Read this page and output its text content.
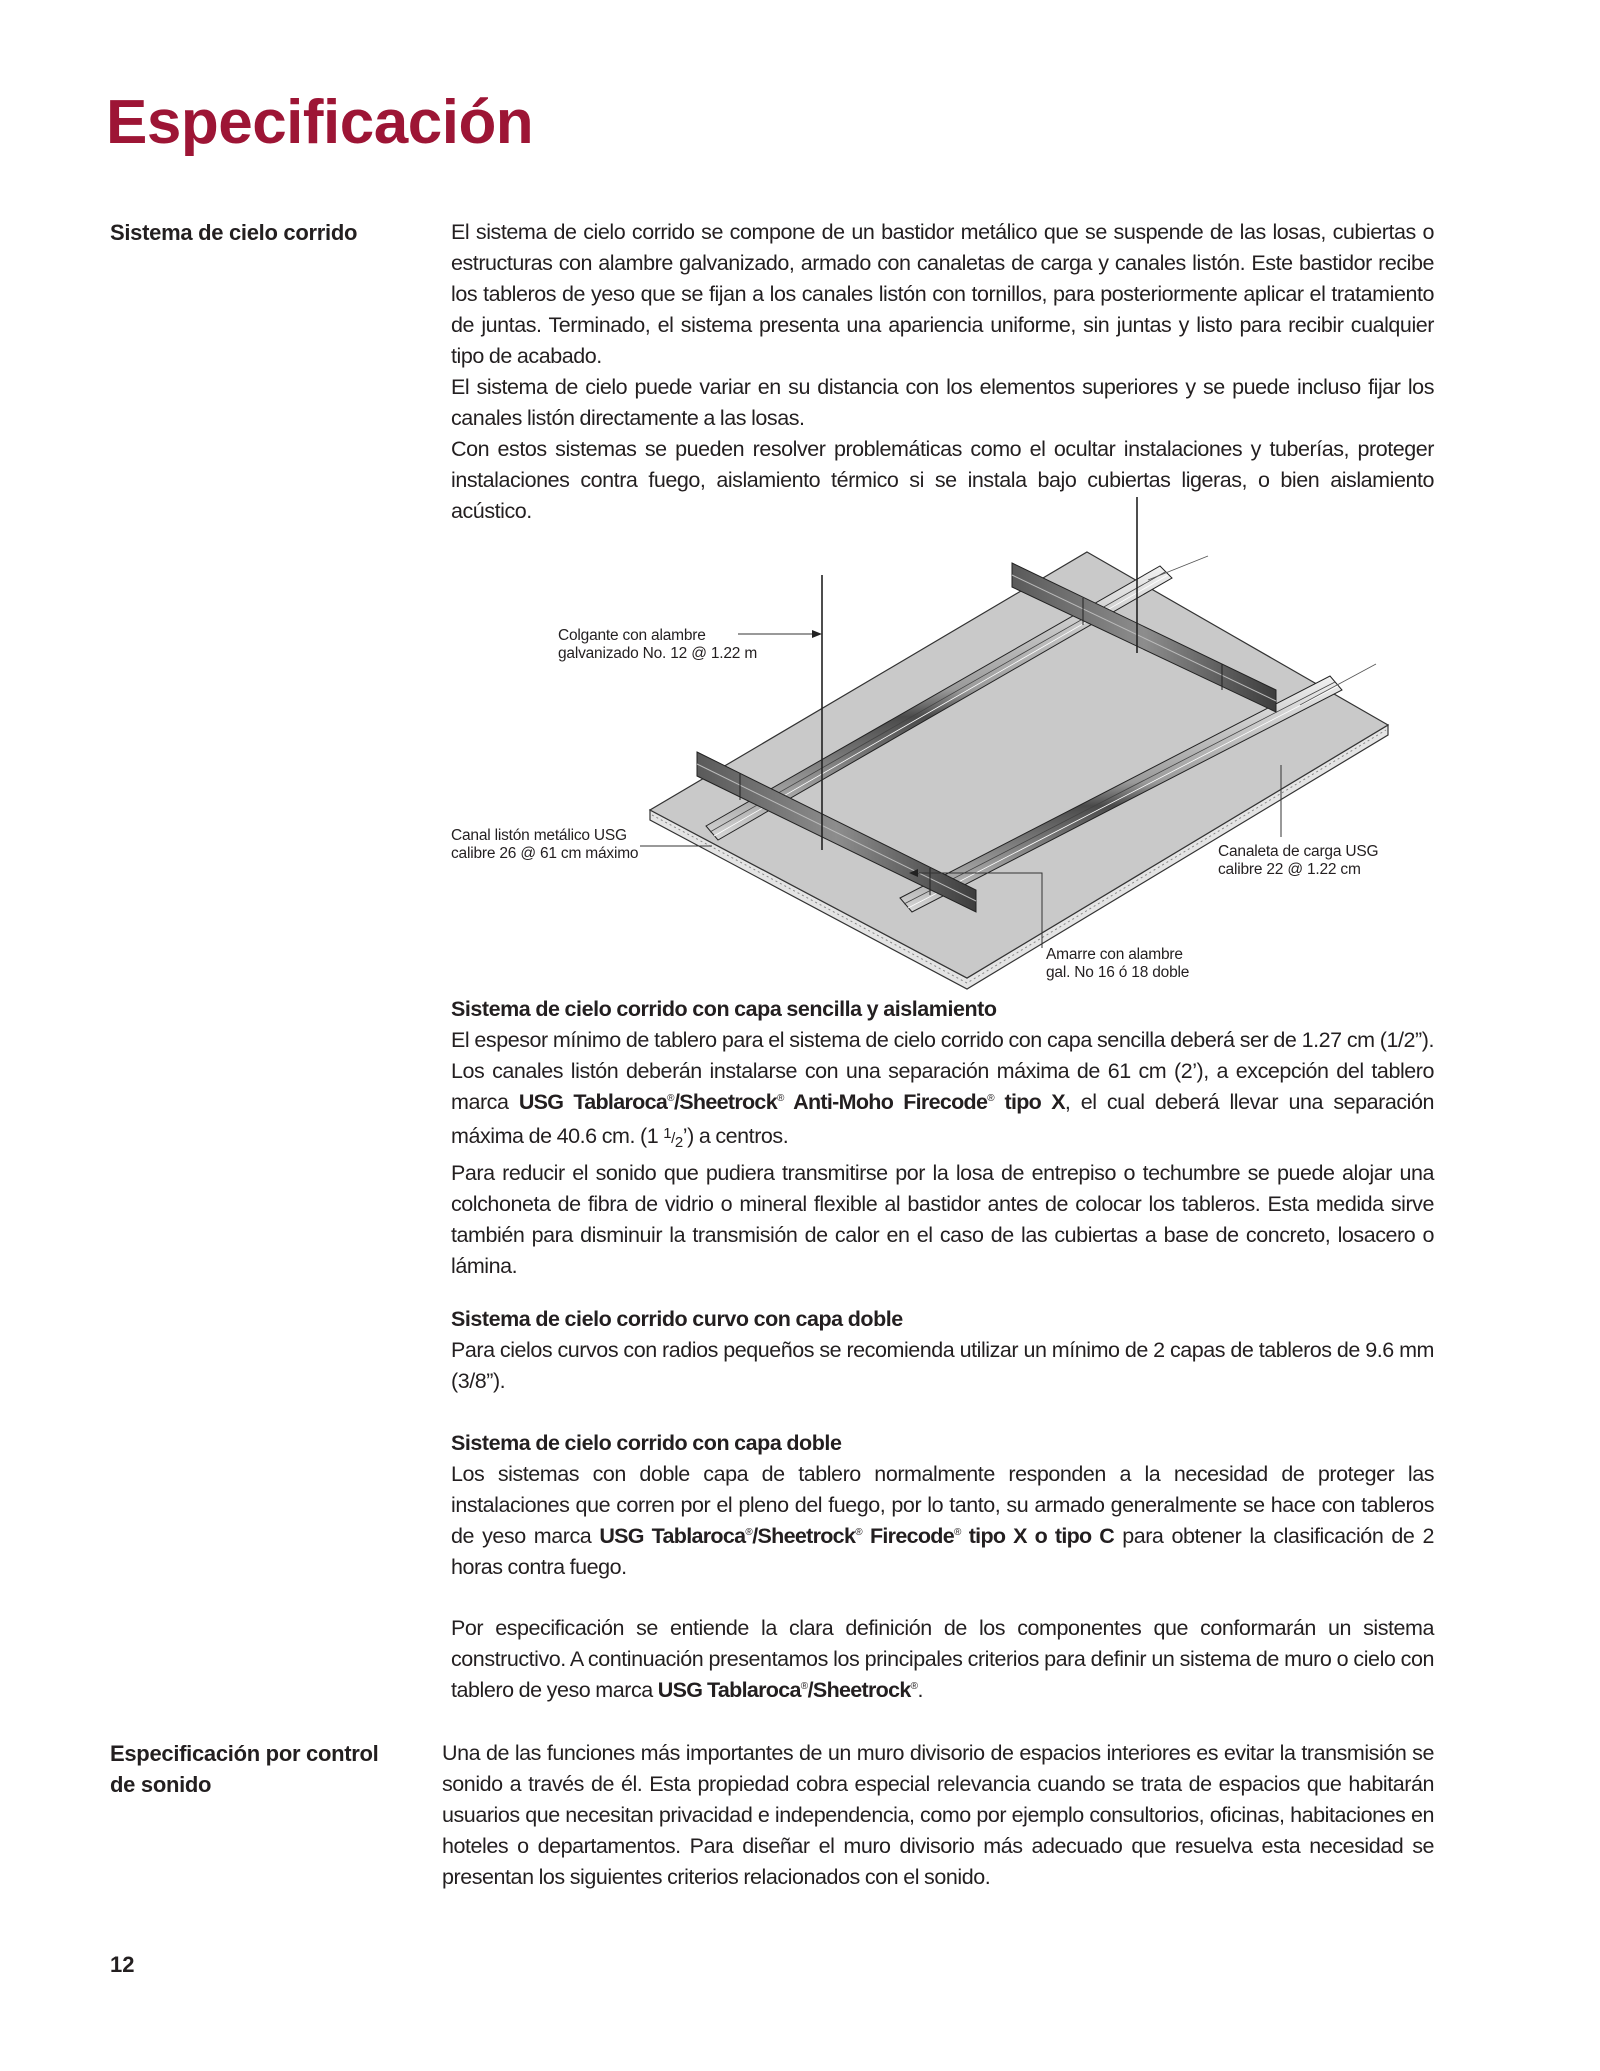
Especificación
Sistema de cielo corrido	El sistema de cielo corrido se compone de un bastidor metálico que se suspende de las losas, cubiertas o estructuras con alambre galvanizado, armado con canaletas de carga y canales listón. Este bastidor recibe los tableros de yeso que se fijan a los canales listón con tornillos, para posteriormente aplicar el tratamiento de juntas. Terminado, el sistema presenta una apariencia uniforme, sin juntas y listo para recibir cualquier tipo de acabado.

El sistema de cielo puede variar en su distancia con los elementos superiores y se puede incluso fijar los canales listón directamente a las losas.

Con estos sistemas se pueden resolver problemáticas como el ocultar instalaciones y tuberías, proteger instalaciones contra fuego, aislamiento térmico si se instala bajo cubiertas ligeras, o bien aislamiento acústico.

Colgante con alambre
galvanizado No. 12 @ 1.22 m
Canal listón metálico USG
calibre 26 @ 61 cm máximo	Canaleta de carga USG
calibre 22 @ 1.22 cm
Amarre con alambre
gal. No 16 ó 18 doble

Sistema de cielo corrido con capa sencilla y aislamiento

El espesor mínimo de tablero para el sistema de cielo corrido con capa sencilla deberá ser de 1.27 cm (1/2”). Los canales listón deberán instalarse con una separación máxima de 61 cm (2’), a excepción del tablero marca USG Tablaroca®/Sheetrock® Anti-Moho Firecode® tipo X, el cual deberá llevar una separación máxima de 40.6 cm. (1 1/2’) a centros.

Para reducir el sonido que pudiera transmitirse por la losa de entrepiso o techumbre se puede alojar una colchoneta de fibra de vidrio o mineral flexible al bastidor antes de colocar los tableros. Esta medida sirve también para disminuir la transmisión de calor en el caso de las cubiertas a base de concreto, losacero o lámina.

Sistema de cielo corrido curvo con capa doble

Para cielos curvos con radios pequeños se recomienda utilizar un mínimo de 2 capas de tableros de 9.6 mm (3/8”).

Sistema de cielo corrido con capa doble

Los sistemas con doble capa de tablero normalmente responden a la necesidad de proteger las instalaciones que corren por el pleno del fuego, por lo tanto, su armado generalmente se hace con tableros de yeso marca USG Tablaroca®/Sheetrock® Firecode® tipo X o tipo C para obtener la clasificación de 2 horas contra fuego.

Por especificación se entiende la clara definición de los componentes que conformarán un sistema constructivo. A continuación presentamos los principales criterios para definir un sistema de muro o cielo con tablero de yeso marca USG Tablaroca®/Sheetrock®.

Especificación por control
de sonido

Una de las funciones más importantes de un muro divisorio de espacios interiores es evitar la transmisión se sonido a través de él. Esta propiedad cobra especial relevancia cuando se trata de espacios que habitarán usuarios que necesitan privacidad e independencia, como por ejemplo consultorios, oficinas, habitaciones en hoteles o departamentos. Para diseñar el muro divisorio más adecuado que resuelva esta necesidad se presentan los siguientes criterios relacionados con el sonido.

12
